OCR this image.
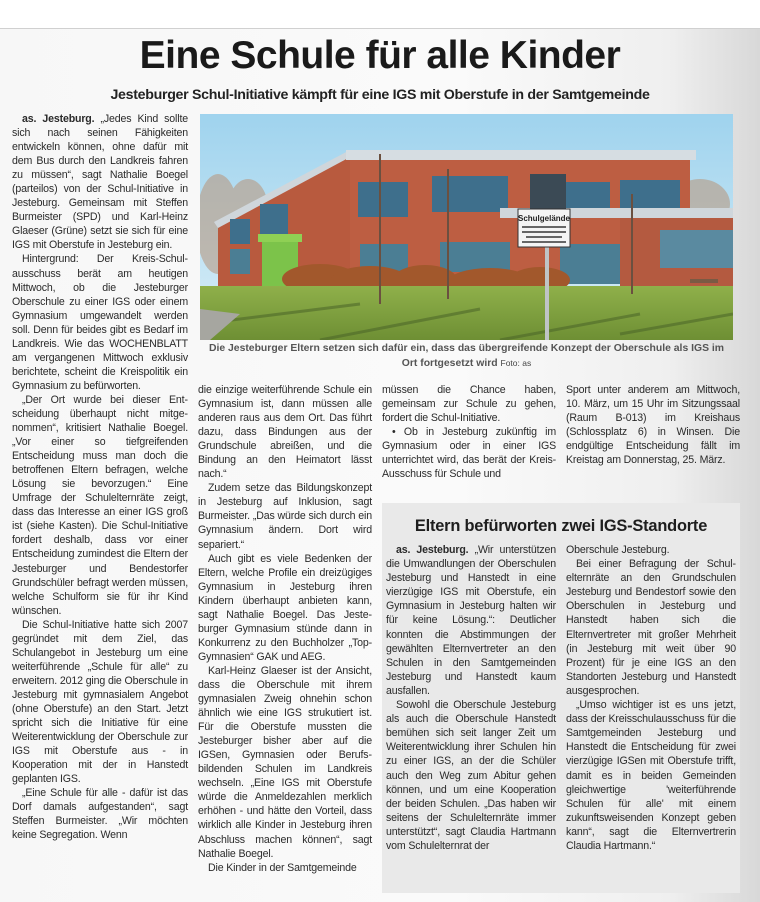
Eine Schule für alle Kinder
Jesteburger Schul-Initiative kämpft für eine IGS mit Oberstufe in der Samtgemeinde

as. Jesteburg. „Jedes Kind sollte sich nach seinen Fähigkeiten entwickeln können, ohne dafür mit dem Bus durch den Landkreis fahren zu müssen“, sagt Nathalie Boegel (parteilos) von der Schul-Initiative in Jesteburg. Gemeinsam mit Steffen Burmeister (SPD) und Karl-Heinz Glaeser (Grüne) setzt sie sich für eine IGS mit Oberstufe in Jesteburg ein.

Hintergrund: Der Kreis-Schulausschuss berät am heutigen Mittwoch, ob die Jesteburger Oberschule zu einer IGS oder einem Gymnasium umgewandelt werden soll. Denn für beides gibt es Bedarf im Landkreis. Wie das WOCHENBLATT am vergangenen Mittwoch exklusiv berichtete, scheint die Kreispolitik ein Gymnasium zu befürworten.

„Der Ort wurde bei dieser Entscheidung überhaupt nicht mitgenommen“, kritisiert Nathalie Boegel. „Vor einer so tiefgreifenden Entscheidung muss man doch die betroffenen Eltern befragen, welche Lösung sie bevorzugen.“ Eine Umfrage der Schulelternräte zeigt, dass das Interesse an einer IGS groß ist (siehe Kasten). Die Schul-Initiative fordert deshalb, dass vor einer Entscheidung zumindest die Eltern der Jesteburger und Bendestorfer Grundschüler befragt werden müssen, welche Schulform sie für ihr Kind wünschen.

Die Schul-Initiative hatte sich 2007 gegründet mit dem Ziel, das Schulangebot in Jesteburg um eine weiterführende „Schule für alle“ zu erweitern. 2012 ging die Oberschule in Jesteburg mit gymnasialem Angebot (ohne Oberstufe) an den Start. Jetzt spricht sich die Initiative für eine Weiterentwicklung der Oberschule zur IGS mit Oberstufe aus - in Kooperation mit der in Hanstedt geplanten IGS.

„Eine Schule für alle - dafür ist das Dorf damals aufgestanden“, sagt Steffen Burmeister. „Wir möchten keine Segregation. Wenn

Schulgelände
Die Jesteburger Eltern setzen sich dafür ein, dass das übergreifende Konzept der Oberschule als IGS im Ort fortgesetzt wird Foto: as

die einzige weiterführende Schule ein Gymnasium ist, dann müssen alle anderen raus aus dem Ort. Das führt dazu, dass Bindungen aus der Grundschule abreißen, und die Bindung an den Heimatort lässt nach.“

Zudem setze das Bildungskonzept in Jesteburg auf Inklusion, sagt Burmeister. „Das würde sich durch ein Gymnasium ändern. Dort wird separiert.“

Auch gibt es viele Bedenken der Eltern, welche Profile ein dreizügiges Gymnasium in Jesteburg ihren Kindern überhaupt anbieten kann, sagt Nathalie Boegel. Das Jesteburger Gymnasium stünde dann in Konkurrenz zu den Buchholzer „Top-Gymnasien“ GAK und AEG.

Karl-Heinz Glaeser ist der Ansicht, dass die Oberschule mit ihrem gymnasialen Zweig ohnehin schon ähnlich wie eine IGS strukutiert ist. Für die Oberstufe mussten die Jesteburger bisher aber auf die IGSen, Gymnasien oder Berufsbildenden Schulen im Landkreis wechseln. „Eine IGS mit Oberstufe würde die Anmeldezahlen merklich erhöhen - und hätte den Vorteil, dass wirklich alle Kinder in Jesteburg ihren Abschluss machen können“, sagt Nathalie Boegel.

Die Kinder in der Samtgemeinde

müssen die Chance haben, gemeinsam zur Schule zu gehen, fordert die Schul-Initiative.

• Ob in Jesteburg zukünftig im Gymnasium oder in einer IGS unterrichtet wird, das berät der Kreis-Ausschuss für Schule und

Sport unter anderem am Mittwoch, 10. März, um 15 Uhr im Sitzungssaal (Raum B-013) im Kreishaus (Schlossplatz 6) in Winsen. Die endgültige Entscheidung fällt im Kreistag am Donnerstag, 25. März.

Eltern befürworten zwei IGS-Standorte

as. Jesteburg. „Wir unterstützen die Umwandlungen der Oberschulen Jesteburg und Hanstedt in eine vierzügige IGS mit Oberstufe, ein Gymnasium in Jesteburg halten wir für keine Lösung.“: Deutlicher konnten die Abstimmungen der gewählten Elternvertreter an den Schulen in den Samtgemeinden Jesteburg und Hanstedt kaum ausfallen.

Sowohl die Oberschule Jesteburg als auch die Oberschule Hanstedt bemühen sich seit langer Zeit um Weiterentwicklung ihrer Schulen hin zu einer IGS, an der die Schüler auch den Weg zum Abitur gehen können, und um eine Kooperation der beiden Schulen. „Das haben wir seitens der Schulelternräte immer unterstützt“, sagt Claudia Hartmann vom Schulelternrat der

Oberschule Jesteburg.

Bei einer Befragung der Schulelternräte an den Grundschulen Jesteburg und Bendestorf sowie den Oberschulen in Jesteburg und Hanstedt haben sich die Elternvertreter mit großer Mehrheit (in Jesteburg mit weit über 90 Prozent) für je eine IGS an den Standorten Jesteburg und Hanstedt ausgesprochen.

„Umso wichtiger ist es uns jetzt, dass der Kreisschulausschuss für die Samtgemeinden Jesteburg und Hanstedt die Entscheidung für zwei vierzügige IGSen mit Oberstufe trifft, damit es in beiden Gemeinden gleichwertige 'weiterführende Schulen für alle' mit einem zukunftsweisenden Konzept geben kann“, sagt die Elternvertrerin Claudia Hartmann.“
